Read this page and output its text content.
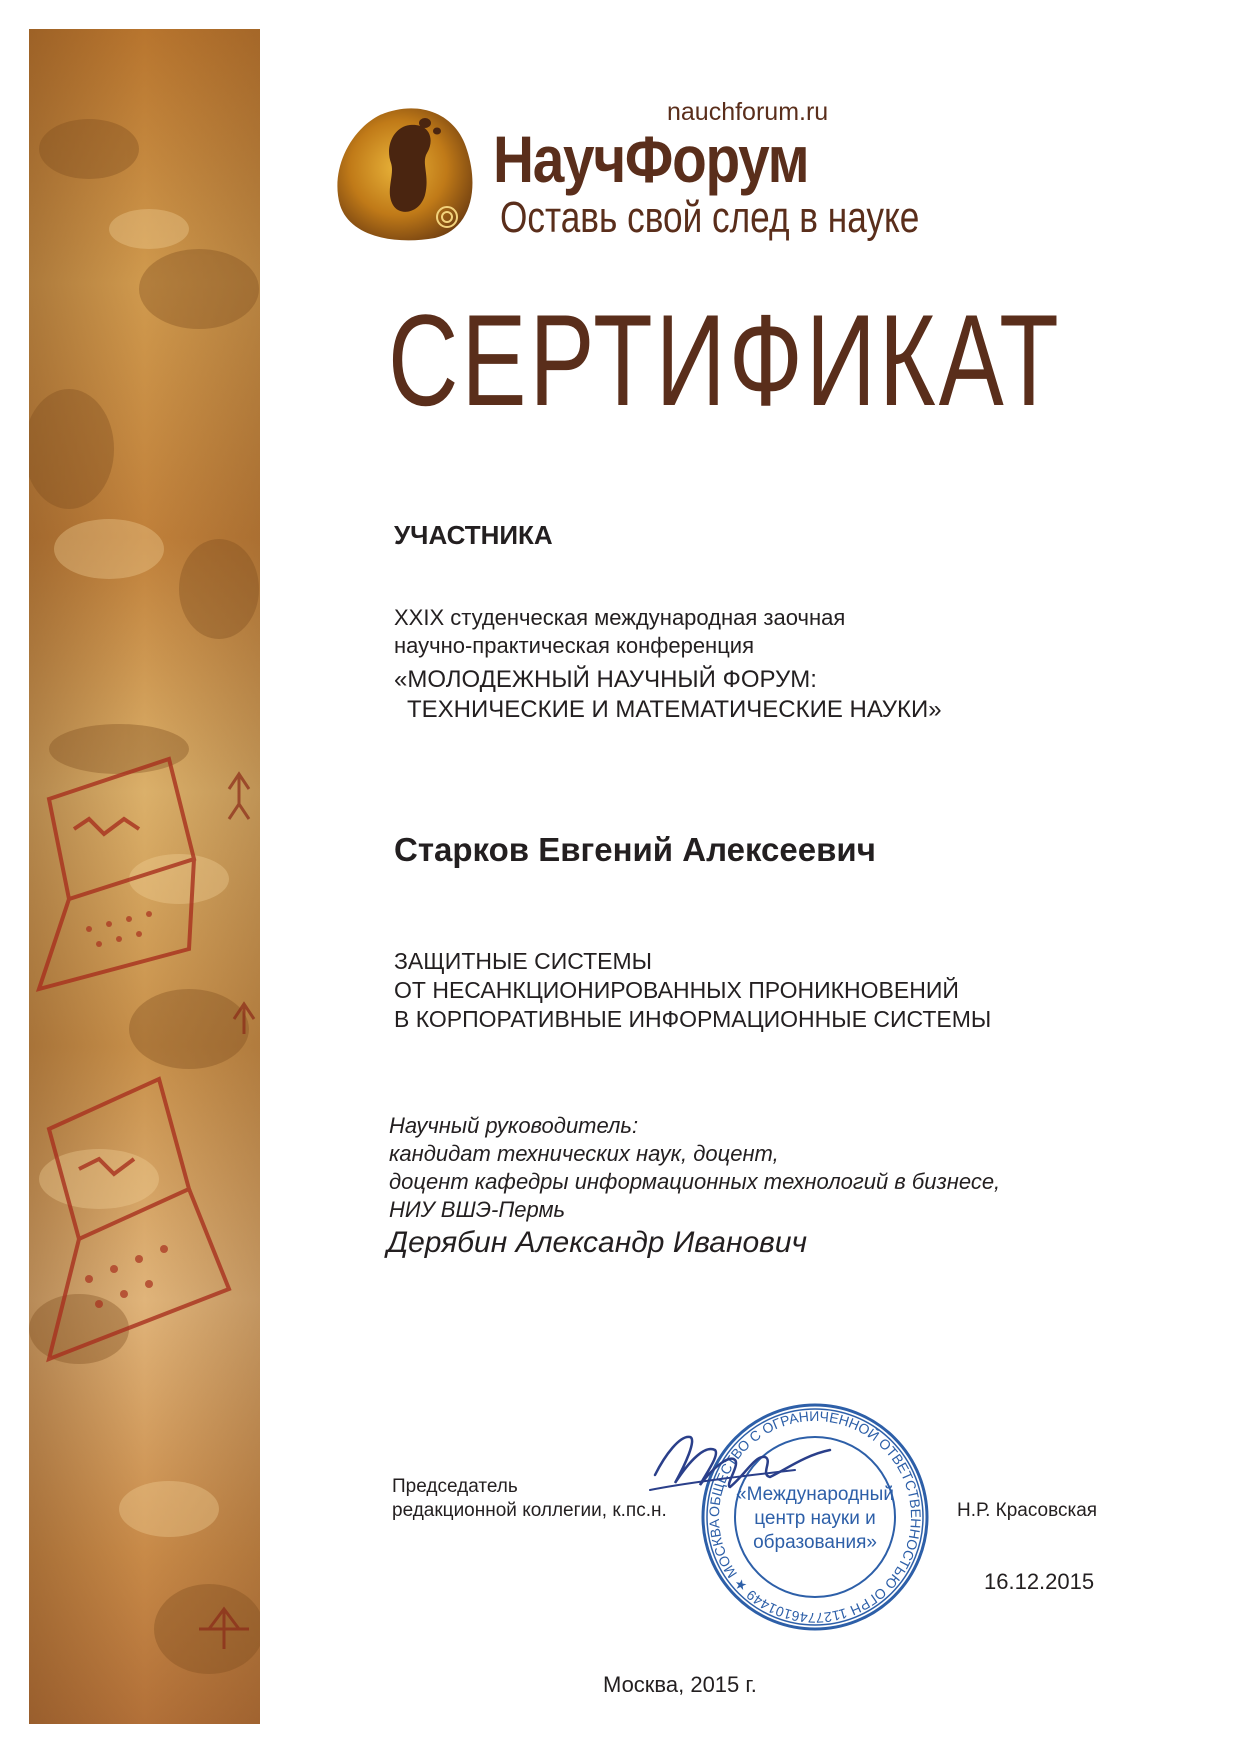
nauchforum.ru
НаучФорум
Оставь свой след в науке
СЕРТИФИКАТ
УЧАСТНИКА
XXIX студенческая международная заочная
научно-практическая конференция
«МОЛОДЕЖНЫЙ НАУЧНЫЙ ФОРУМ:
ТЕХНИЧЕСКИЕ И МАТЕМАТИЧЕСКИЕ НАУКИ»
Старков Евгений Алексеевич
ЗАЩИТНЫЕ СИСТЕМЫ
ОТ НЕСАНКЦИОНИРОВАННЫХ ПРОНИКНОВЕНИЙ
В КОРПОРАТИВНЫЕ ИНФОРМАЦИОННЫЕ СИСТЕМЫ
Научный руководитель:
кандидат технических наук, доцент,
доцент кафедры информационных технологий в бизнесе,
НИУ ВШЭ-Пермь
Дерябин Александр Иванович
Председатель
редакционной коллегии, к.пс.н.	Н.Р. Красовская
ОБЩЕСТВО С ОГРАНИЧЕННОЙ ОТВЕТСТВЕННОСТЬЮ ОГРН 1127746101449 ★ МОСКВА
«Международный
центр науки и
образования»
16.12.2015
Москва, 2015 г.
